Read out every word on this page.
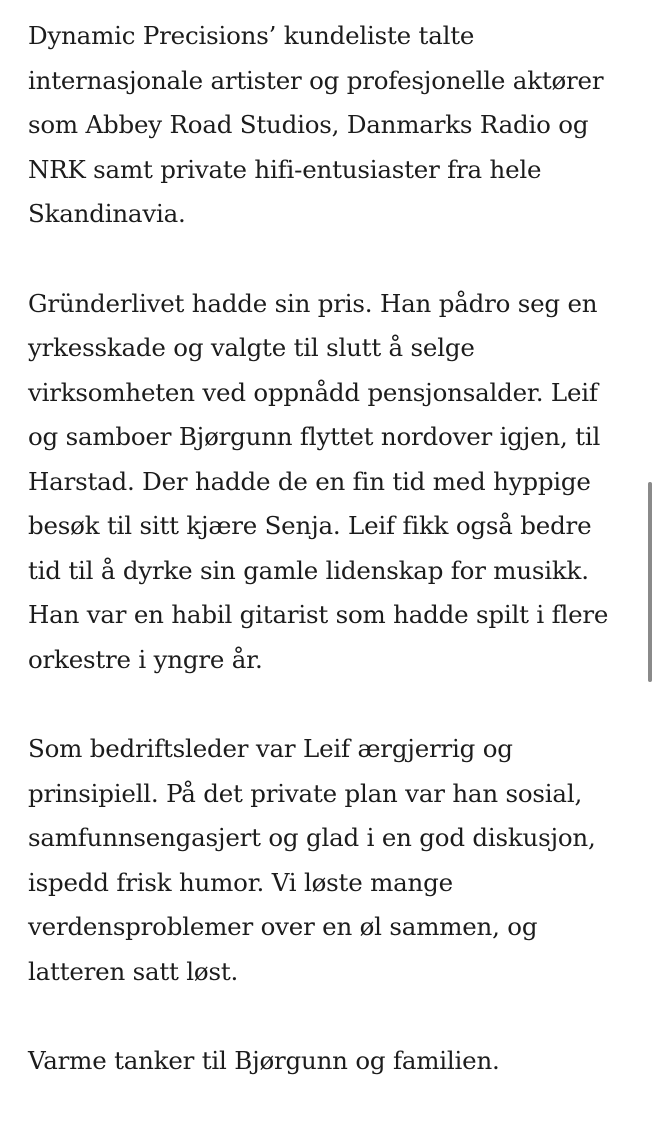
Dynamic Precisions’ kundeliste talte
internasjonale artister og profesjonelle aktører
som Abbey Road Studios, Danmarks Radio og
NRK samt private hifi-entusiaster fra hele
Skandinavia.

Gründerlivet hadde sin pris. Han pådro seg en
yrkesskade og valgte til slutt å selge
virksomheten ved oppnådd pensjonsalder. Leif
og samboer Bjørgunn flyttet nordover igjen, til
Harstad. Der hadde de en fin tid med hyppige
besøk til sitt kjære Senja. Leif fikk også bedre
tid til å dyrke sin gamle lidenskap for musikk.
Han var en habil gitarist som hadde spilt i flere
orkestre i yngre år.

Som bedriftsleder var Leif ærgjerrig og
prinsipiell. På det private plan var han sosial,
samfunnsengasjert og glad i en god diskusjon,
ispedd frisk humor. Vi løste mange
verdensproblemer over en øl sammen, og
latteren satt løst.

Varme tanker til Bjørgunn og familien.
